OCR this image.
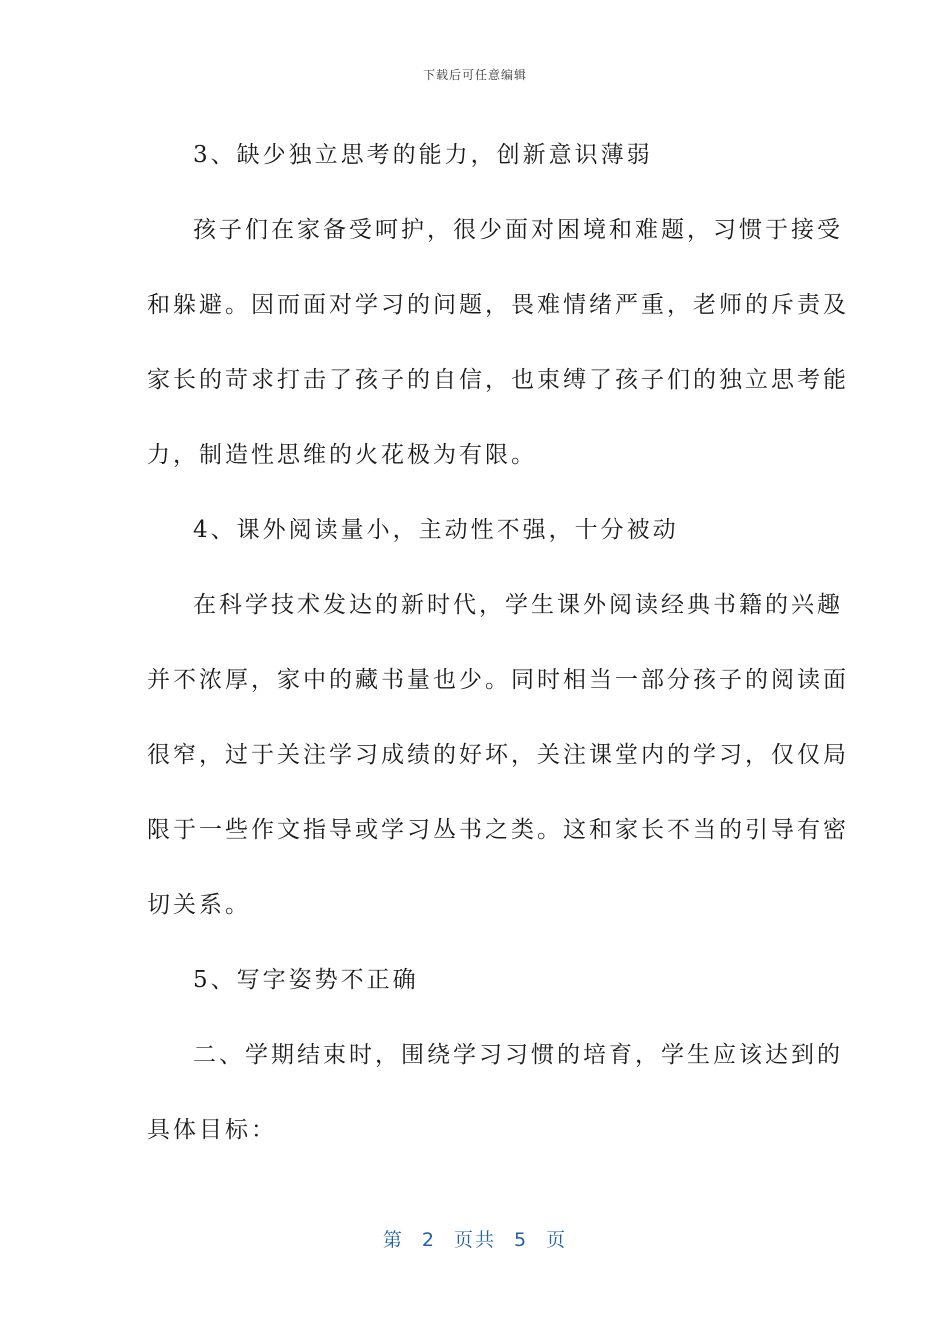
下载后可任意编辑

3、缺少独立思考的能力，创新意识薄弱

孩子们在家备受呵护，很少面对困境和难题，习惯于接受
和躲避。因而面对学习的问题，畏难情绪严重，老师的斥责及
家长的苛求打击了孩子的自信，也束缚了孩子们的独立思考能
力，制造性思维的火花极为有限。

4、课外阅读量小，主动性不强，十分被动

在科学技术发达的新时代，学生课外阅读经典书籍的兴趣
并不浓厚，家中的藏书量也少。同时相当一部分孩子的阅读面
很窄，过于关注学习成绩的好坏，关注课堂内的学习，仅仅局
限于一些作文指导或学习丛书之类。这和家长不当的引导有密
切关系。

5、写字姿势不正确

二、学期结束时，围绕学习习惯的培育，学生应该达到的
具体目标：

第 2 页共 5 页
